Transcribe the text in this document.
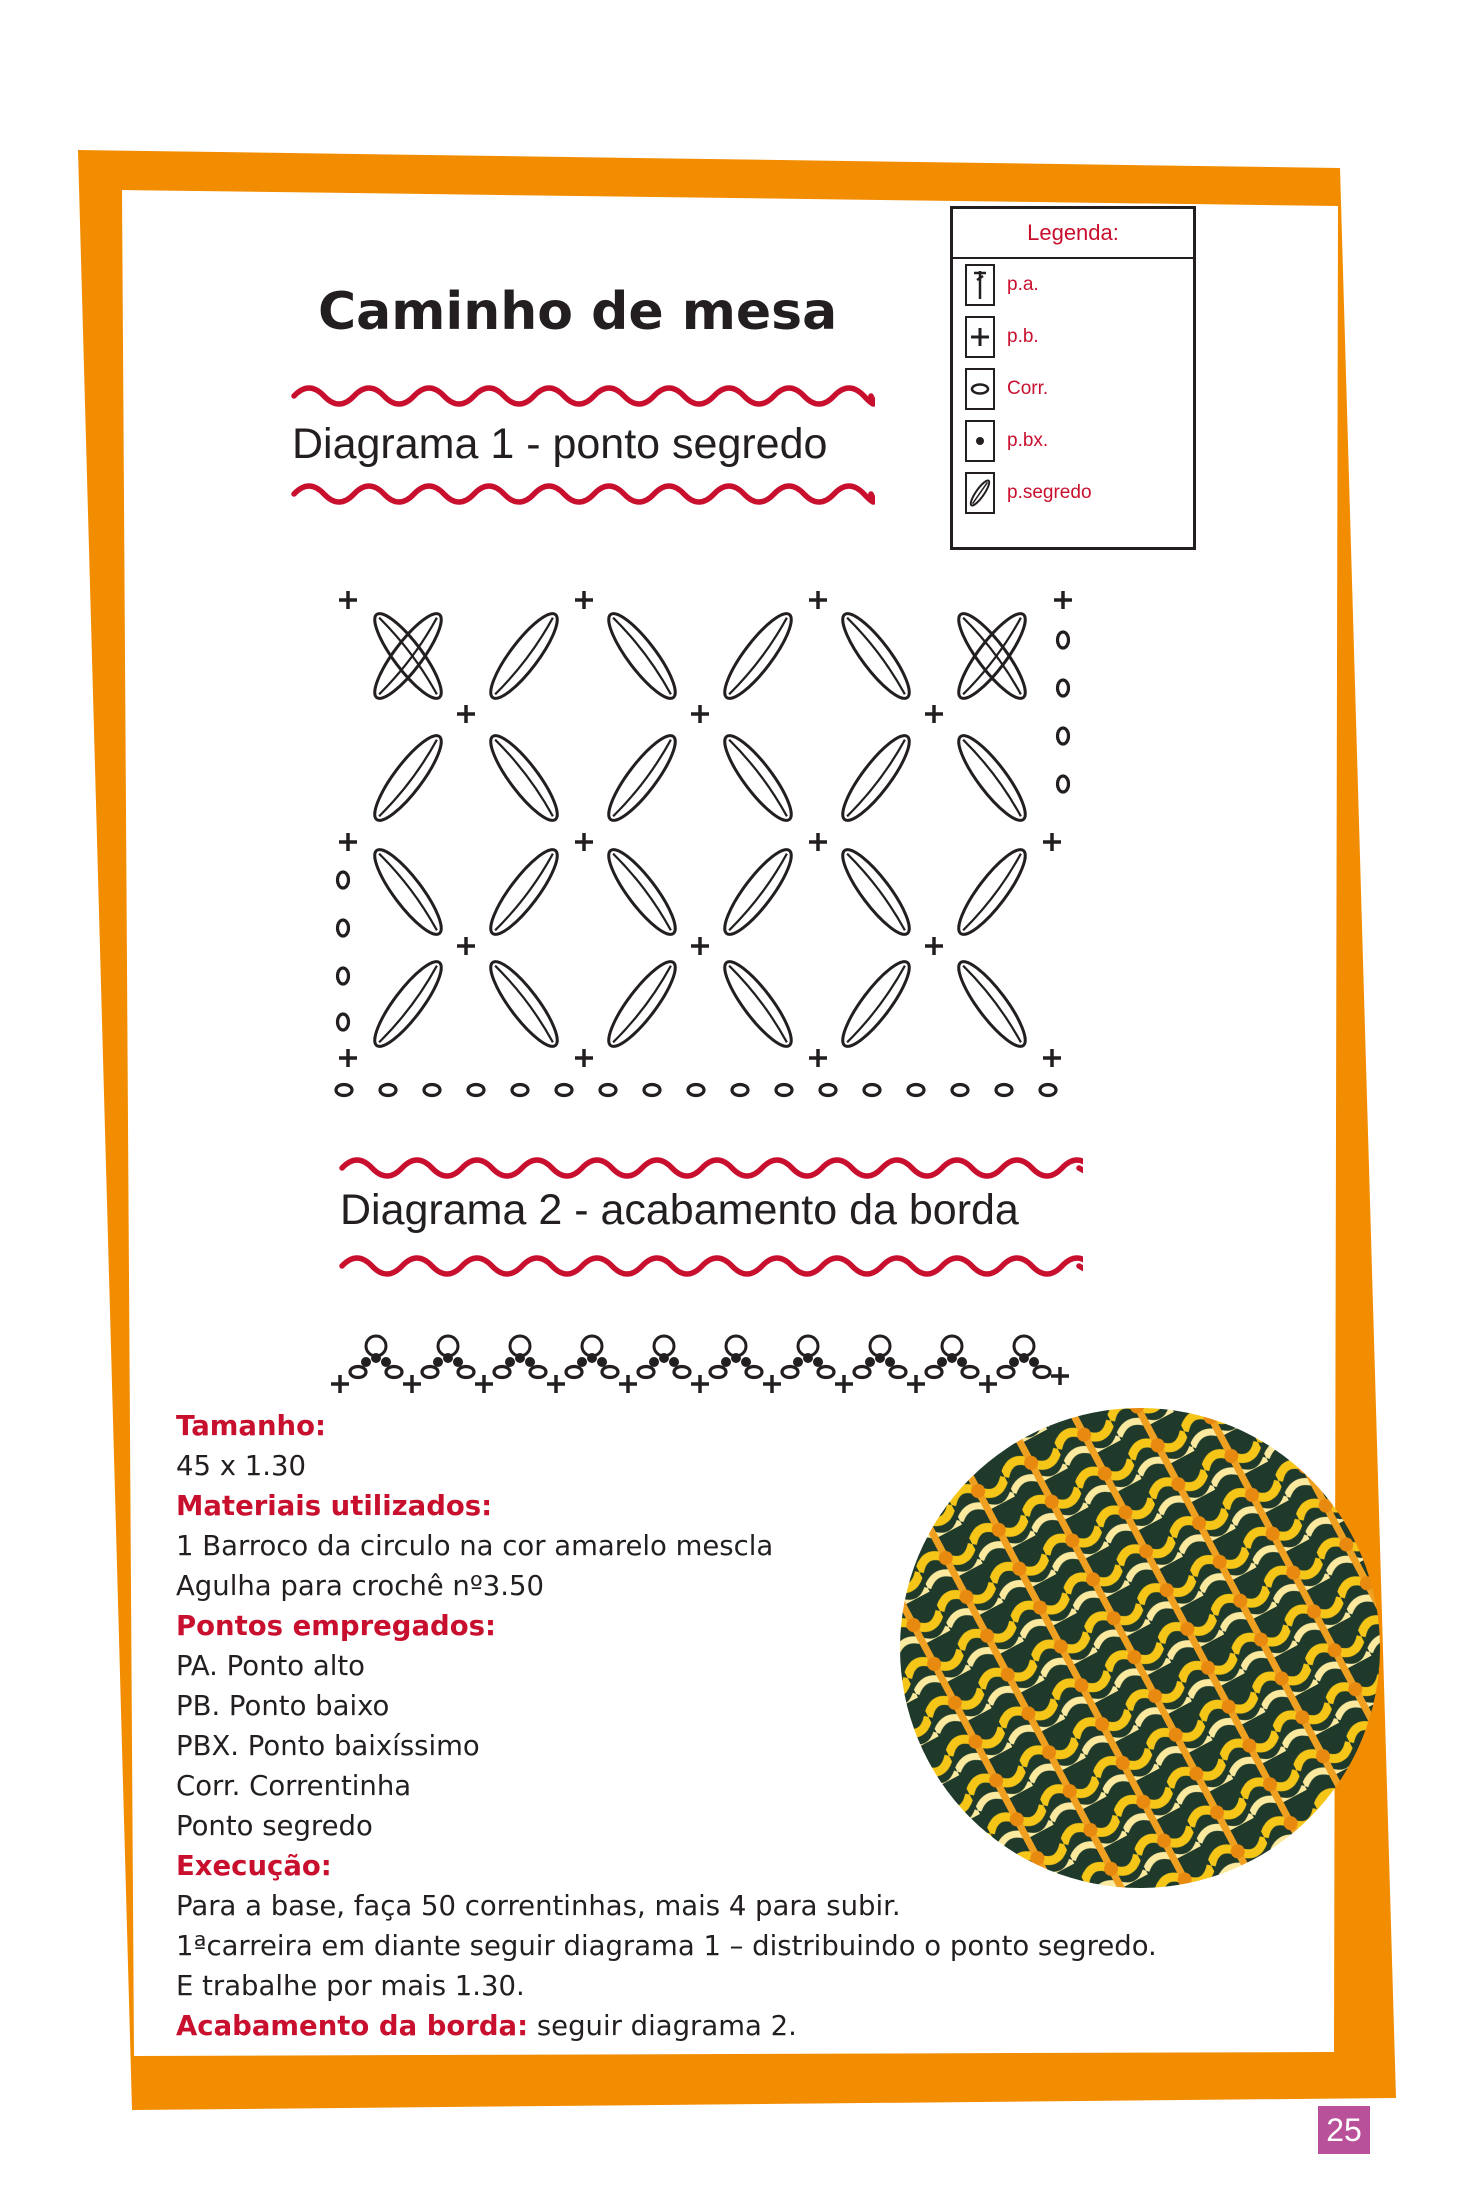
Caminho de mesa
Diagrama 1 - ponto segredo
Diagrama 2 - acabamento da borda
Legenda:
p.a.
p.b.
Corr.
p.bx.
p.segredo
Tamanho:
45 x 1.30
Materiais utilizados:
1 Barroco da circulo na cor amarelo mescla
Agulha para crochê nº3.50
Pontos empregados:
PA. Ponto alto
PB. Ponto baixo
PBX. Ponto baixíssimo
Corr. Correntinha
Ponto segredo
Execução:
Para a base, faça 50 correntinhas, mais 4 para subir.
1ªcarreira em diante seguir diagrama 1 – distribuindo o ponto segredo.
E trabalhe por mais 1.30.
Acabamento da borda: seguir diagrama 2.
25
